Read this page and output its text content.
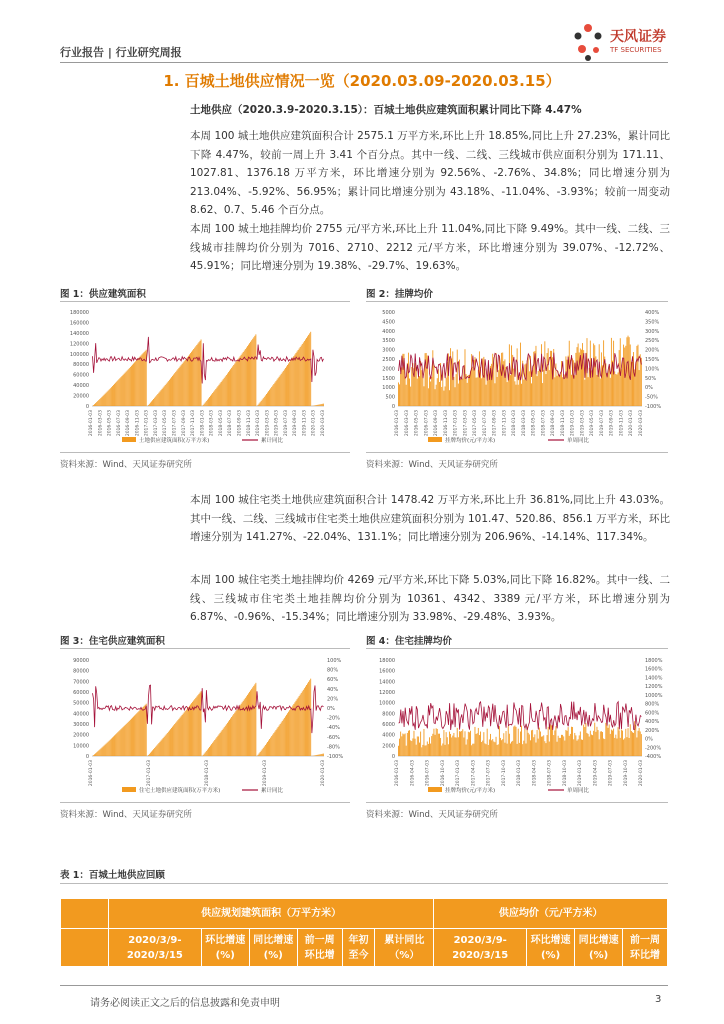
行业报告 | 行业研究周报
天风证券
TF SECURITIES
1. 百城土地供应情况一览（2020.03.09-2020.03.15）
土地供应（2020.3.9-2020.3.15）：百城土地供应建筑面积累计同比下降 4.47%
本周 100 城土地供应建筑面积合计 2575.1 万平方米,环比上升 18.85%,同比上升 27.23%，累计同比下降 4.47%，较前一周上升 3.41 个百分点。其中一线、二线、三线城市供应面积分别为 171.11、1027.81、1376.18 万平方米，环比增速分别为 92.56%、-2.76%、34.8%；同比增速分别为 213.04%、-5.92%、56.95%；累计同比增速分别为 43.18%、-11.04%、-3.93%；较前一周变动 8.62、0.7、5.46 个百分点。
本周 100 城土地挂牌均价 2755 元/平方米,环比上升 11.04%,同比下降 9.49%。其中一线、二线、三线城市挂牌均价分别为 7016、2710、2212 元/平方米，环比增速分别为 39.07%、-12.72%、45.91%；同比增速分别为 19.38%、-29.7%、19.63%。
图 1：供应建筑面积
0
20000
40000
60000
80000
100000
120000
140000
160000
180000
2016-01-03 2016-03-03 2016-05-03 2016-07-03 2016-09-03 2016-11-03 2017-01-03 2017-03-03 2017-05-03 2017-07-03 2017-09-03 2017-11-03 2018-01-03 2018-03-03 2018-05-03 2018-07-03 2018-09-03 2018-11-03 2019-01-03 2019-03-03 2019-05-03 2019-07-03 2019-09-03 2019-11-03 2020-01-03 2020-03-03
土地供应建筑面积(万平方米)	累计同比
资料来源：Wind、天风证券研究所
图 2：挂牌均价
0
500
1000
1500
2000
2500
3000
3500
4000
4500
5000
-100%
-50%
0%
50%
100%
150%
200%
250%
300%
350%
400%
2016-01-03 2016-03-03 2016-05-03 2016-07-03 2016-09-03 2016-11-03 2017-01-03 2017-03-03 2017-05-03 2017-07-03 2017-09-03 2017-11-03 2018-01-03 2018-03-03 2018-05-03 2018-07-03 2018-09-03 2018-11-03 2019-01-03 2019-03-03 2019-05-03 2019-07-03 2019-09-03 2019-11-03 2020-01-03 2020-03-03
挂牌均价(元/平方米)	单周同比
资料来源：Wind、天风证券研究所
本周 100 城住宅类土地供应建筑面积合计 1478.42 万平方米,环比上升 36.81%,同比上升 43.03%。其中一线、二线、三线城市住宅类土地供应建筑面积分别为 101.47、520.86、856.1 万平方米，环比增速分别为 141.27%、-22.04%、131.1%；同比增速分别为 206.96%、-14.14%、117.34%。
本周 100 城住宅类土地挂牌均价 4269 元/平方米,环比下降 5.03%,同比下降 16.82%。其中一线、二线、三线城市住宅类土地挂牌均价分别为 10361、4342、3389 元/平方米，环比增速分别为 6.87%、-0.96%、-15.34%；同比增速分别为 33.98%、-29.48%、3.93%。
图 3：住宅供应建筑面积
0
10000
20000
30000
40000
50000
60000
70000
80000
90000
-100%
-80%
-60%
-40%
-20%
0%
20%
40%
60%
80%
100%
2016-01-03	2017-01-03	2018-01-03	2019-01-03	2020-01-03
住宅土地供应建筑面积(万平方米)	累计同比
资料来源：Wind、天风证券研究所
图 4：住宅挂牌均价
0
2000
4000
6000
8000
10000
12000
14000
16000
18000
-400%
-200%
0%
200%
400%
600%
800%
1000%
1200%
1400%
1600%
1800%
2016-01-03 2016-04-03 2016-07-03 2016-10-03 2017-01-03 2017-04-03 2017-07-03 2017-10-03 2018-01-03 2018-04-03 2018-07-03 2018-10-03 2019-01-03 2019-04-03 2019-07-03 2019-10-03 2020-01-03
挂牌均价(元/平方米)	单周同比
资料来源：Wind、天风证券研究所
表 1：百城土地供应回顾
	供应规划建筑面积（万平方米）						供应均价（元/平方米）			
	2020/3/9-2020/3/15	环比增速(%)	同比增速(%)	前一周环比增	年初至今	累计同比（%）	2020/3/9-2020/3/15	环比增速(%)	同比增速(%)	前一周环比增
请务必阅读正文之后的信息披露和免责申明	3
